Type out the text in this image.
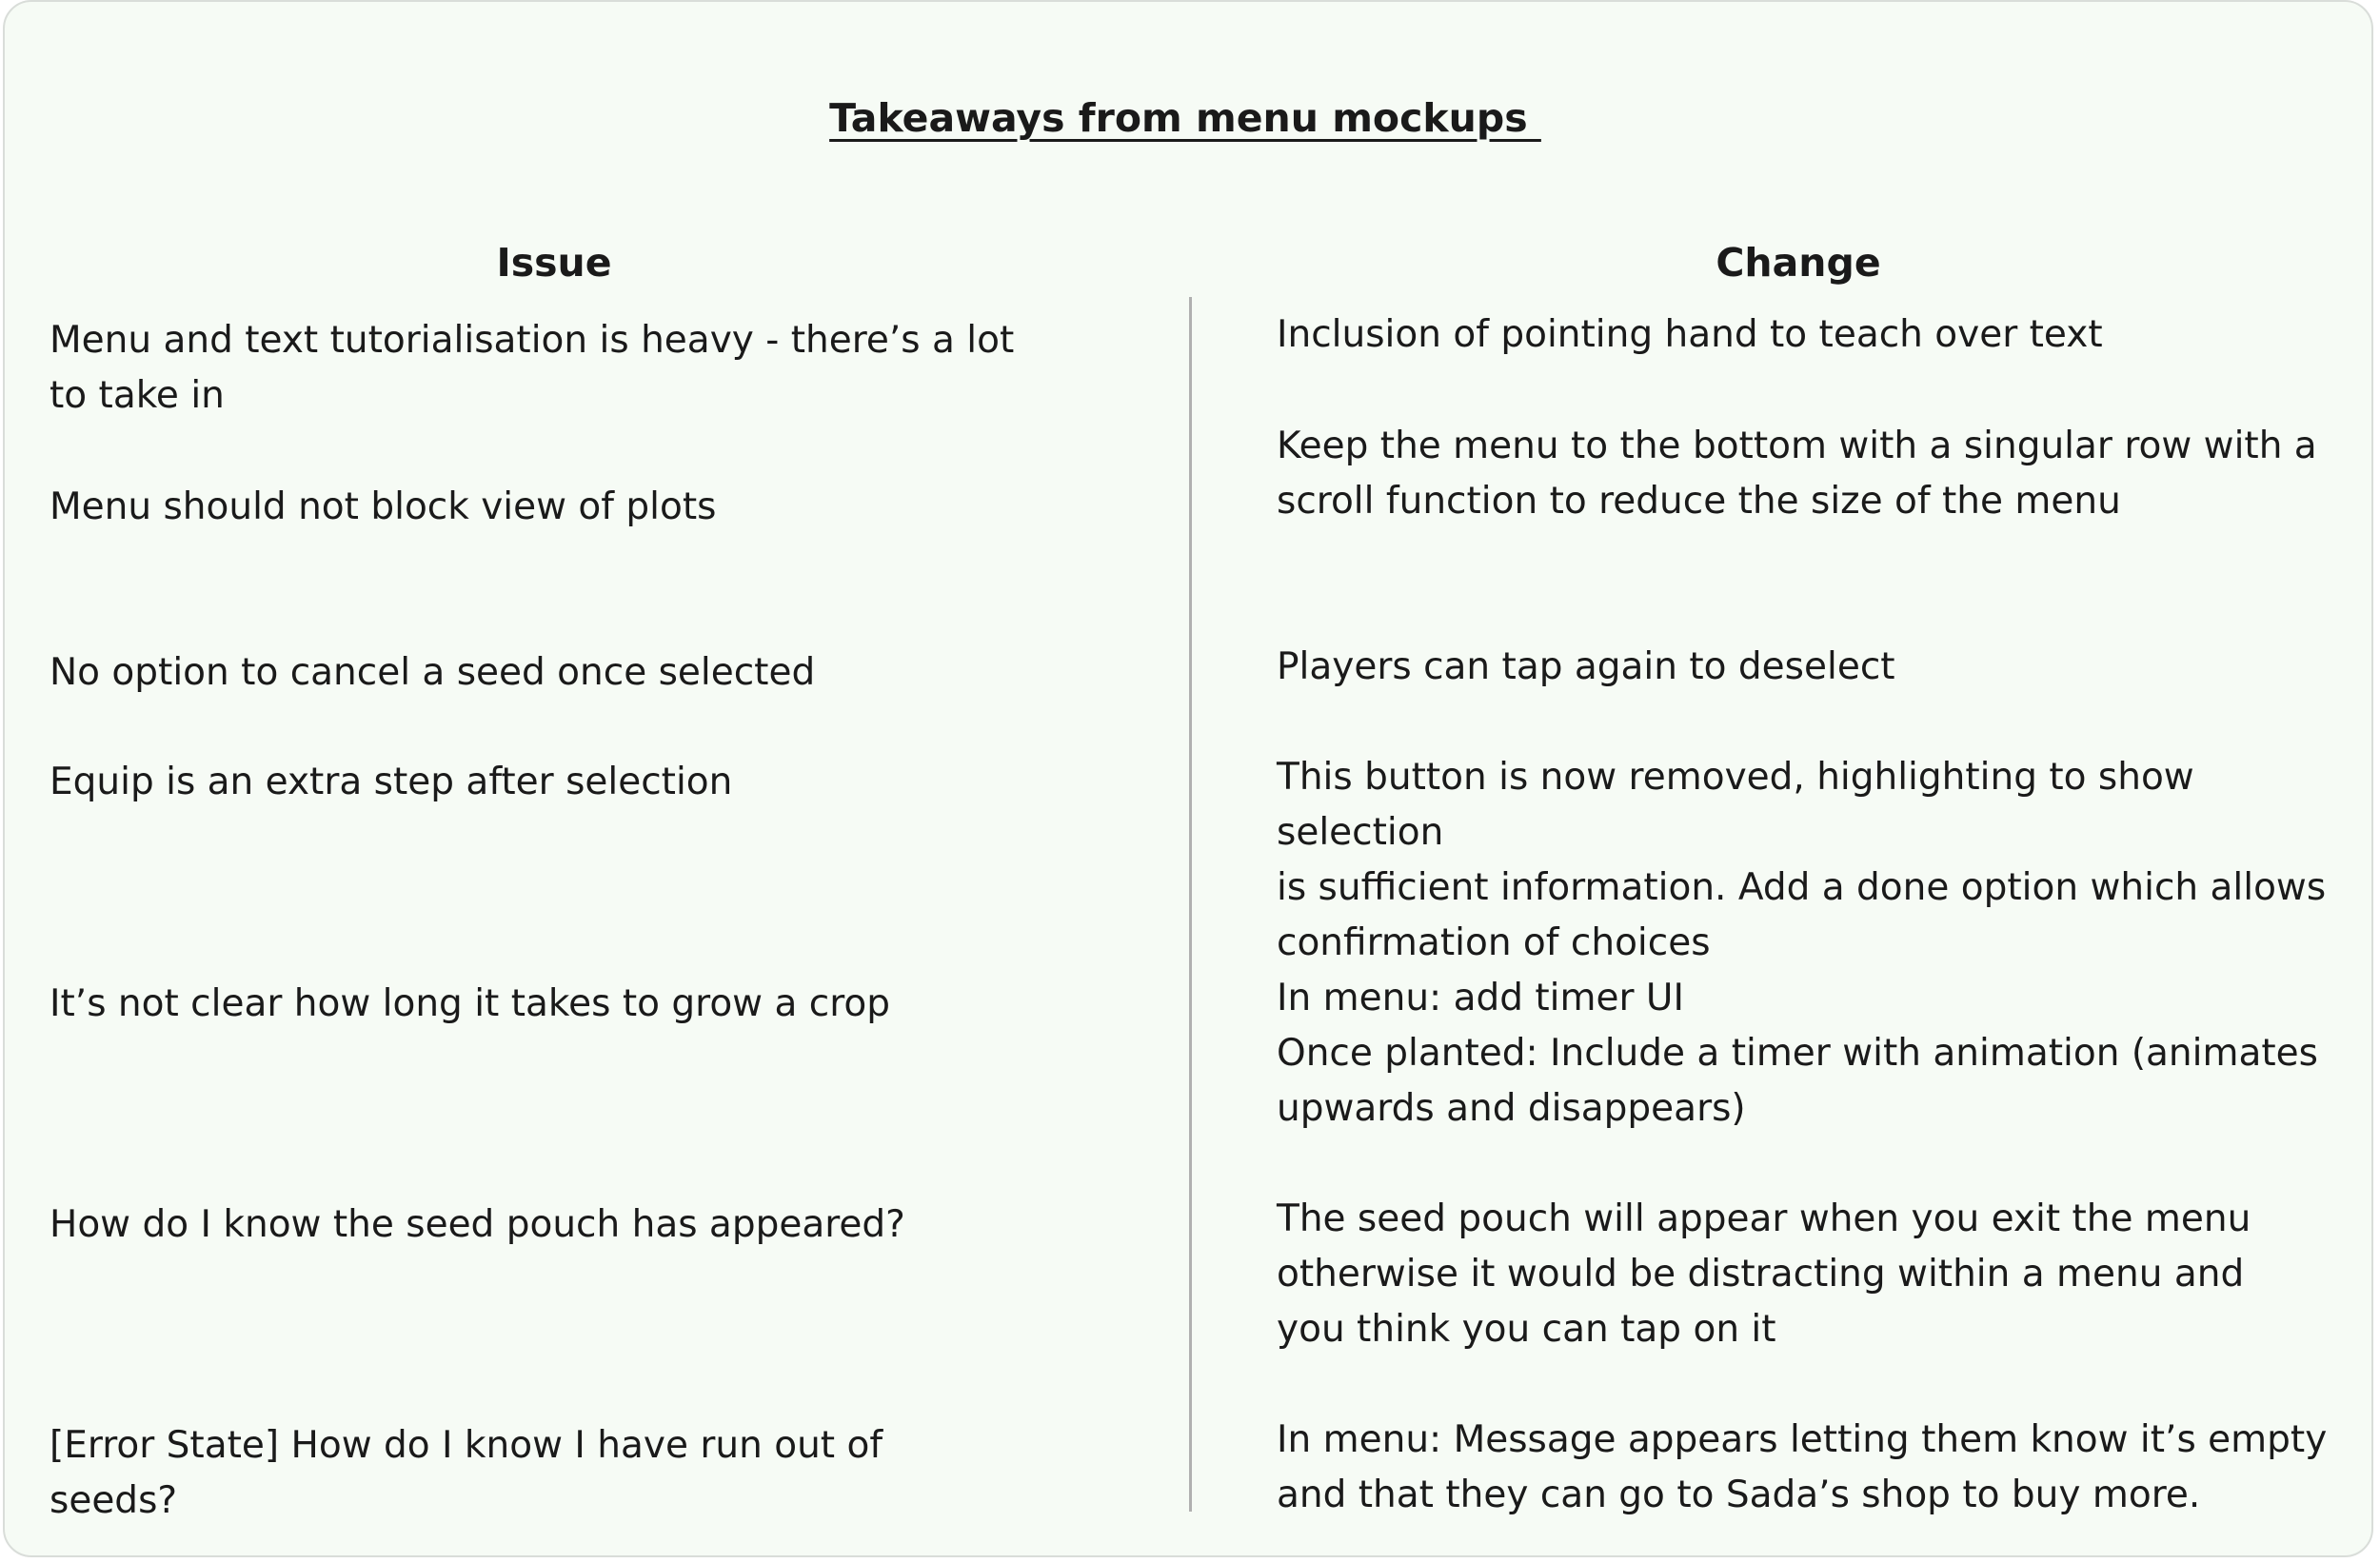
Takeaways from menu mockups
Issue	Change
Menu and text tutorialisation is heavy - there’s a lot
to take in
Menu should not block view of plots
No option to cancel a seed once selected
Equip is an extra step after selection
It’s not clear how long it takes to grow a crop
How do I know the seed pouch has appeared?
[Error State] How do I know I have run out of seeds?
Inclusion of pointing hand to teach over text
Keep the menu to the bottom with a singular row with a
scroll function to reduce the size of the menu
Players can tap again to deselect
This button is now removed, highlighting to show selection
is sufficient information. Add a done option which allows
confirmation of choices
In menu: add timer UI
Once planted: Include a timer with animation (animates
upwards and disappears)
The seed pouch will appear when you exit the menu
otherwise it would be distracting within a menu and
you think you can tap on it
In menu: Message appears letting them know it’s empty
and that they can go to Sada’s shop to buy more.
